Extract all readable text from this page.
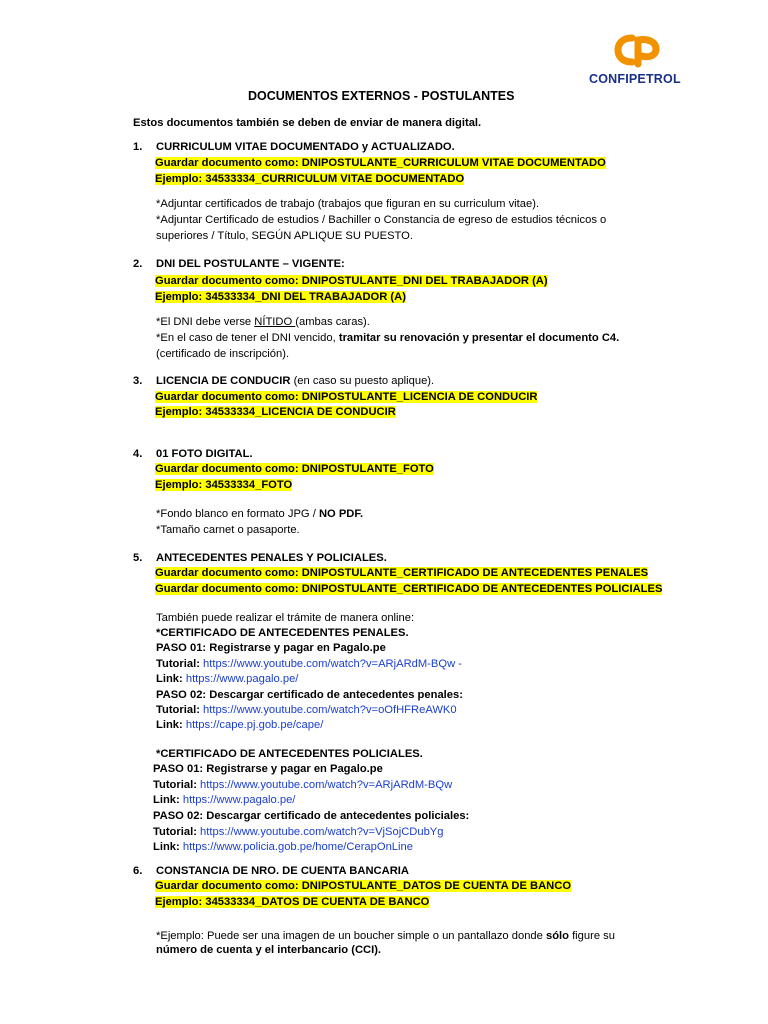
CONFIPETROL
DOCUMENTOS EXTERNOS - POSTULANTES
Estos documentos también se deben de enviar de manera digital.
1. CURRICULUM VITAE DOCUMENTADO y ACTUALIZADO.
Guardar documento como: DNIPOSTULANTE_CURRICULUM VITAE DOCUMENTADO
Ejemplo: 34533334_CURRICULUM VITAE DOCUMENTADO
*Adjuntar certificados de trabajo (trabajos que figuran en su curriculum vitae).
*Adjuntar Certificado de estudios / Bachiller o Constancia de egreso de estudios técnicos o
superiores / Título, SEGÚN APLIQUE SU PUESTO.
2. DNI DEL POSTULANTE – VIGENTE:
Guardar documento como: DNIPOSTULANTE_DNI DEL TRABAJADOR (A)
Ejemplo: 34533334_DNI DEL TRABAJADOR (A)
*El DNI debe verse NÍTIDO (ambas caras).
*En el caso de tener el DNI vencido, tramitar su renovación y presentar el documento C4.
(certificado de inscripción).
3. LICENCIA DE CONDUCIR (en caso su puesto aplique).
Guardar documento como: DNIPOSTULANTE_LICENCIA DE CONDUCIR
Ejemplo: 34533334_LICENCIA DE CONDUCIR
4. 01 FOTO DIGITAL.
Guardar documento como: DNIPOSTULANTE_FOTO
Ejemplo: 34533334_FOTO
*Fondo blanco en formato JPG / NO PDF.
*Tamaño carnet o pasaporte.
5. ANTECEDENTES PENALES Y POLICIALES.
Guardar documento como: DNIPOSTULANTE_CERTIFICADO DE ANTECEDENTES PENALES
Guardar documento como: DNIPOSTULANTE_CERTIFICADO DE ANTECEDENTES POLICIALES
También puede realizar el trámite de manera online:
*CERTIFICADO DE ANTECEDENTES PENALES.
PASO 01: Registrarse y pagar en Pagalo.pe
Tutorial: https://www.youtube.com/watch?v=ARjARdM-BQw -
Link: https://www.pagalo.pe/
PASO 02: Descargar certificado de antecedentes penales:
Tutorial: https://www.youtube.com/watch?v=oOfHFReAWK0
Link: https://cape.pj.gob.pe/cape/
*CERTIFICADO DE ANTECEDENTES POLICIALES.
PASO 01: Registrarse y pagar en Pagalo.pe
Tutorial: https://www.youtube.com/watch?v=ARjARdM-BQw
Link: https://www.pagalo.pe/
PASO 02: Descargar certificado de antecedentes policiales:
Tutorial: https://www.youtube.com/watch?v=VjSojCDubYg
Link: https://www.policia.gob.pe/home/CerapOnLine
6. CONSTANCIA DE NRO. DE CUENTA BANCARIA
Guardar documento como: DNIPOSTULANTE_DATOS DE CUENTA DE BANCO
Ejemplo: 34533334_DATOS DE CUENTA DE BANCO
*Ejemplo: Puede ser una imagen de un boucher simple o un pantallazo donde sólo figure su
número de cuenta y el interbancario (CCI).
